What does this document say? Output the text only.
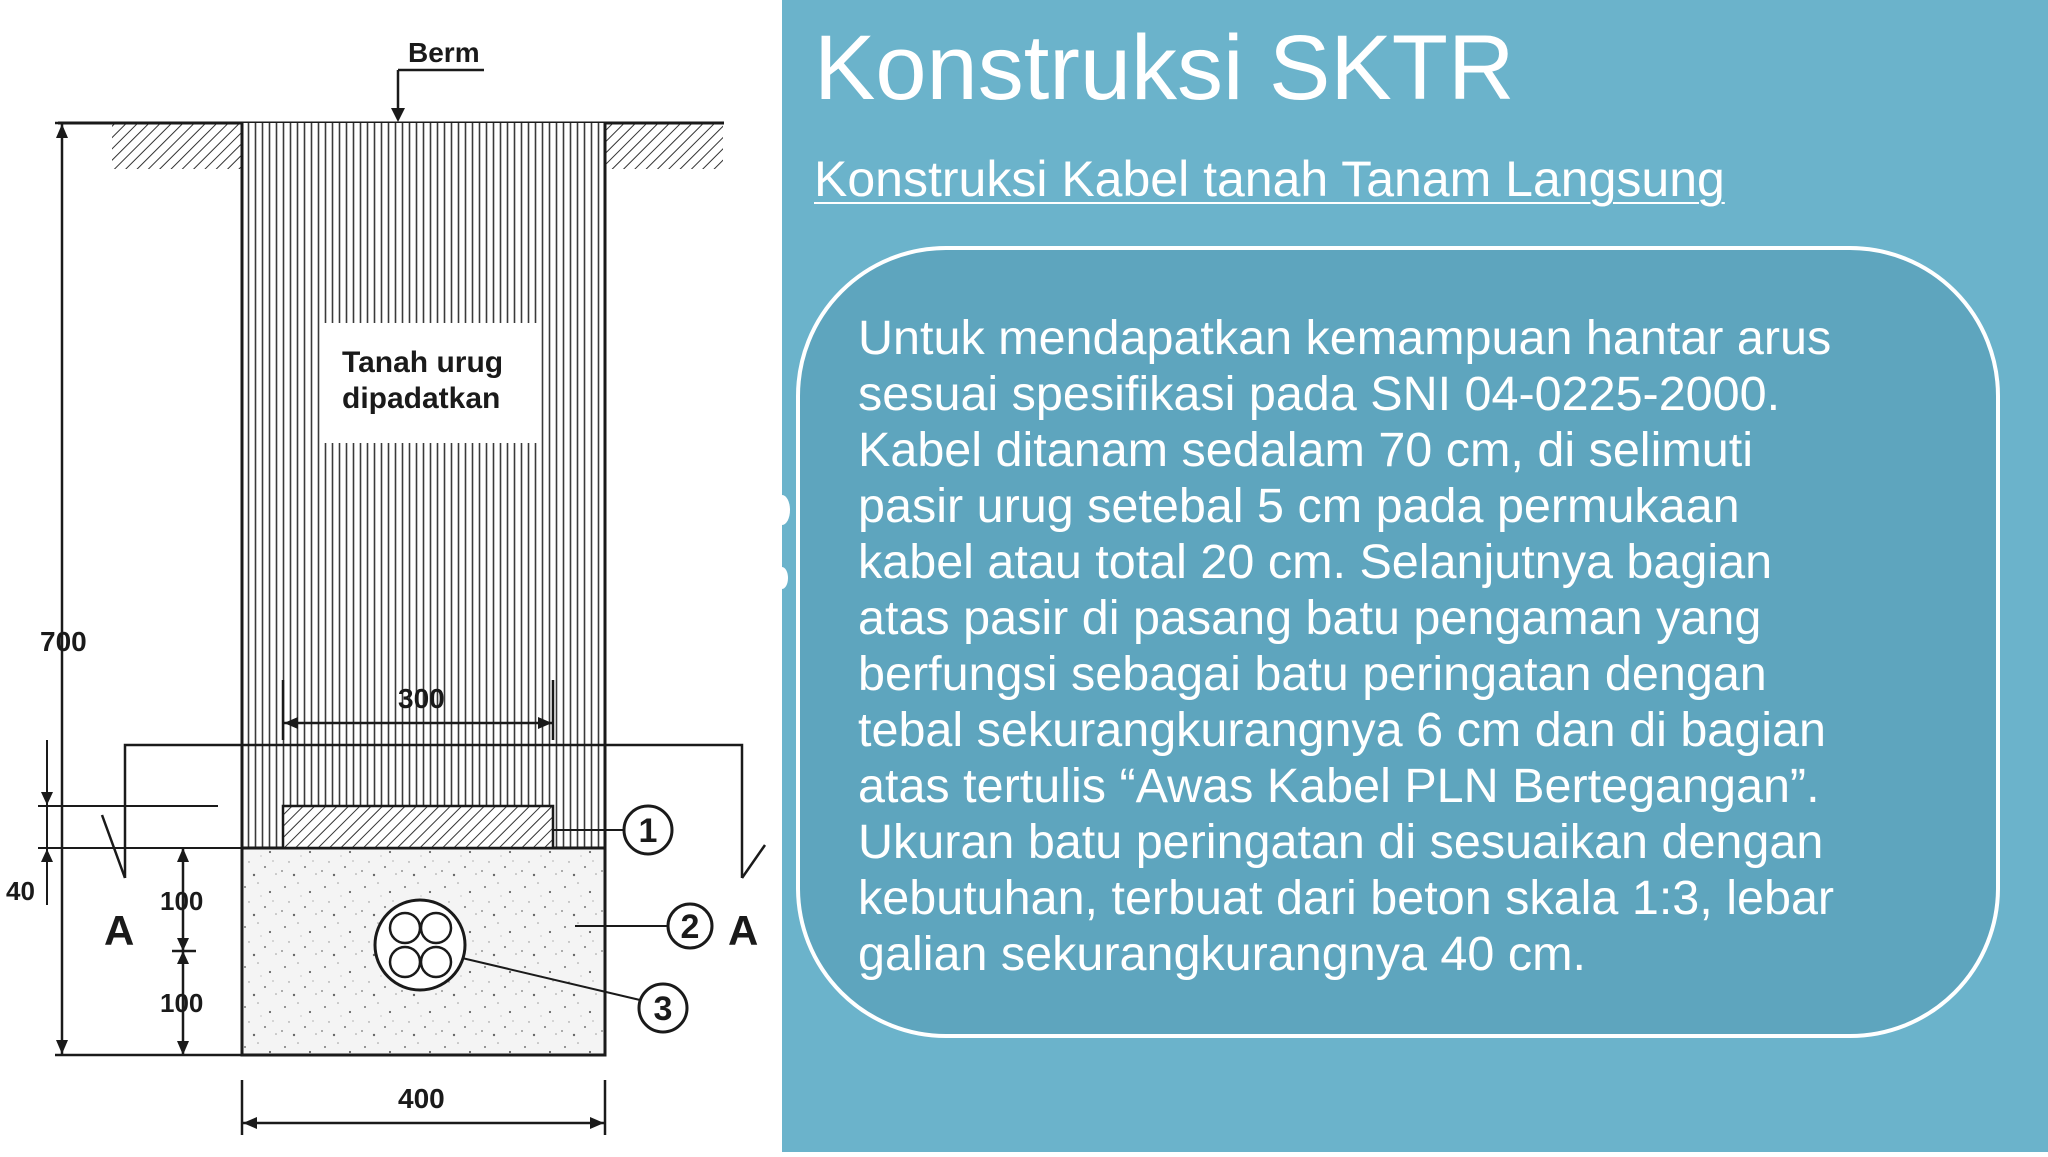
Tanah urug
dipadatkan
Berm
700
300
A	A
40	100
100
400
1
2
3
Konstruksi SKTR
Konstruksi Kabel tanah Tanam Langsung

Untuk mendapatkan kemampuan hantar arus
sesuai spesifikasi pada SNI 04-0225-2000.
Kabel ditanam sedalam 70 cm, di selimuti
pasir urug setebal 5 cm pada permukaan
kabel atau total 20 cm. Selanjutnya bagian
atas pasir di pasang batu pengaman yang
berfungsi sebagai batu peringatan dengan
tebal sekurangkurangnya 6 cm dan di bagian
atas tertulis “Awas Kabel PLN Bertegangan”.
Ukuran batu peringatan di sesuaikan dengan
kebutuhan, terbuat dari beton skala 1:3, lebar
galian sekurangkurangnya 40 cm.
